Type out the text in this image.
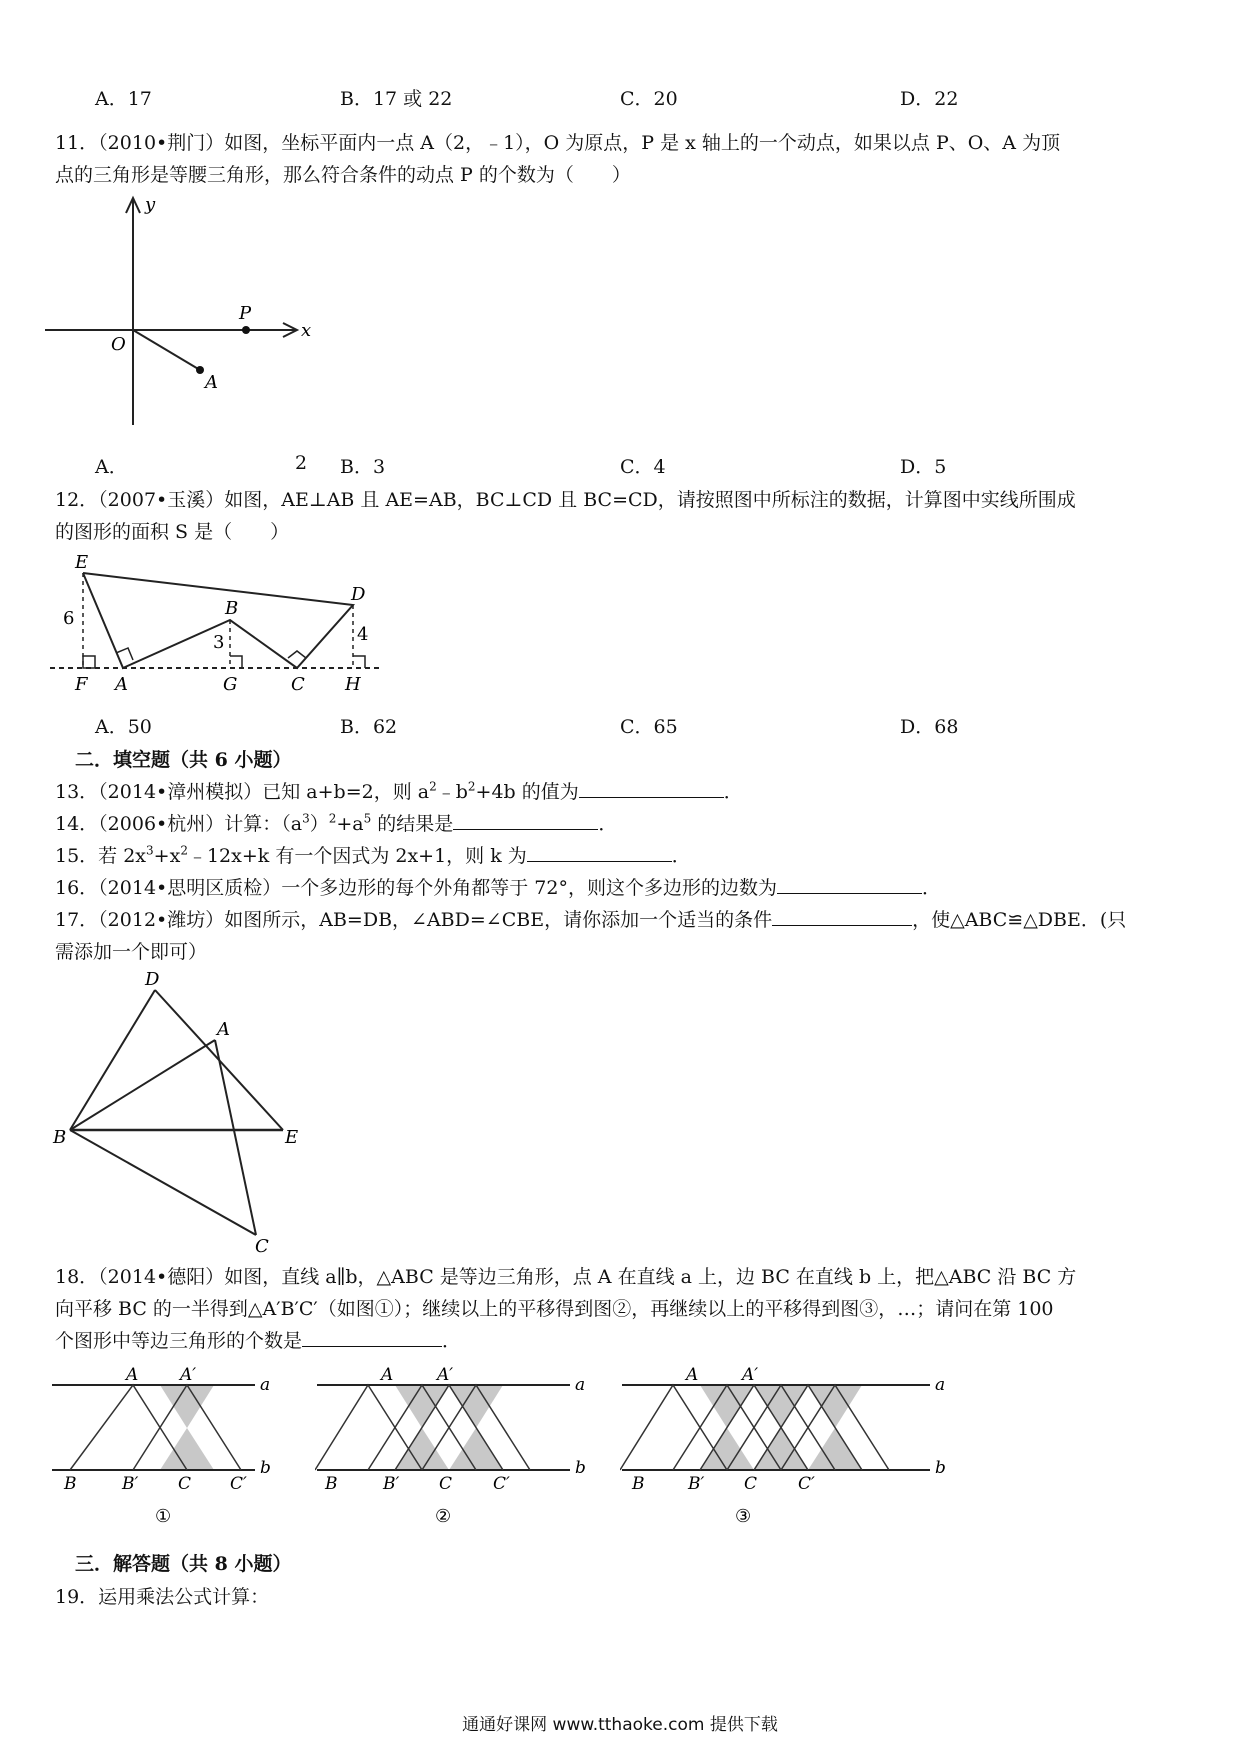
A．17	B．17 或 22	C．20	D．22
11．（2010•荆门）如图，坐标平面内一点 A（2，﹣1），O 为原点，P 是 x 轴上的一个动点，如果以点 P、O、A 为顶
点的三角形是等腰三角形，那么符合条件的动点 P 的个数为（　　）
y
x
O
P
A
A．	2 B．3	C．4	D．5
12．（2007•玉溪）如图，AE⊥AB 且 AE=AB，BC⊥CD 且 BC=CD，请按照图中所标注的数据，计算图中实线所围成
的图形的面积 S 是（　　）
E
B
D
F A	G	C H
6
3	4
A．50	B．62	C．65	D．68
二．填空题（共 6 小题）
13．（2014•漳州模拟）已知 a+b=2，则 $a^2﹣b^2+4b$ 的值为	．
14．（2006•杭州）计算：$(a^3)^2+a^5$ 的结果是	．
15．若 $2x^3+x^2﹣12x+k$ 有一个因式为 2x+1，则 k 为	．
16．（2014•思明区质检）一个多边形的每个外角都等于 72°，则这个多边形的边数为	．
17．（2012•潍坊）如图所示，AB=DB，∠ABD=∠CBE，请你添加一个适当的条件	，使△ABC≌△DBE．(只
需添加一个即可）
D
A
B	E
C
18．（2014•德阳）如图，直线 a∥b，△ABC 是等边三角形，点 A 在直线 a 上，边 BC 在直线 b 上，把△ABC 沿 BC 方
向平移 BC 的一半得到△A′B′C′（如图①）；继续以上的平移得到图②，再继续以上的平移得到图③，…；请问在第 100
个图形中等边三角形的个数是	．
A A′
B	B′ C C′
a
b
①
A	A′
B	B′ C C′
a
b
②
A	A′
B	B′ C C′
a
b
③
三．解答题（共 8 小题）
19．运用乘法公式计算：
通通好课网 www.tthaoke.com 提供下载
